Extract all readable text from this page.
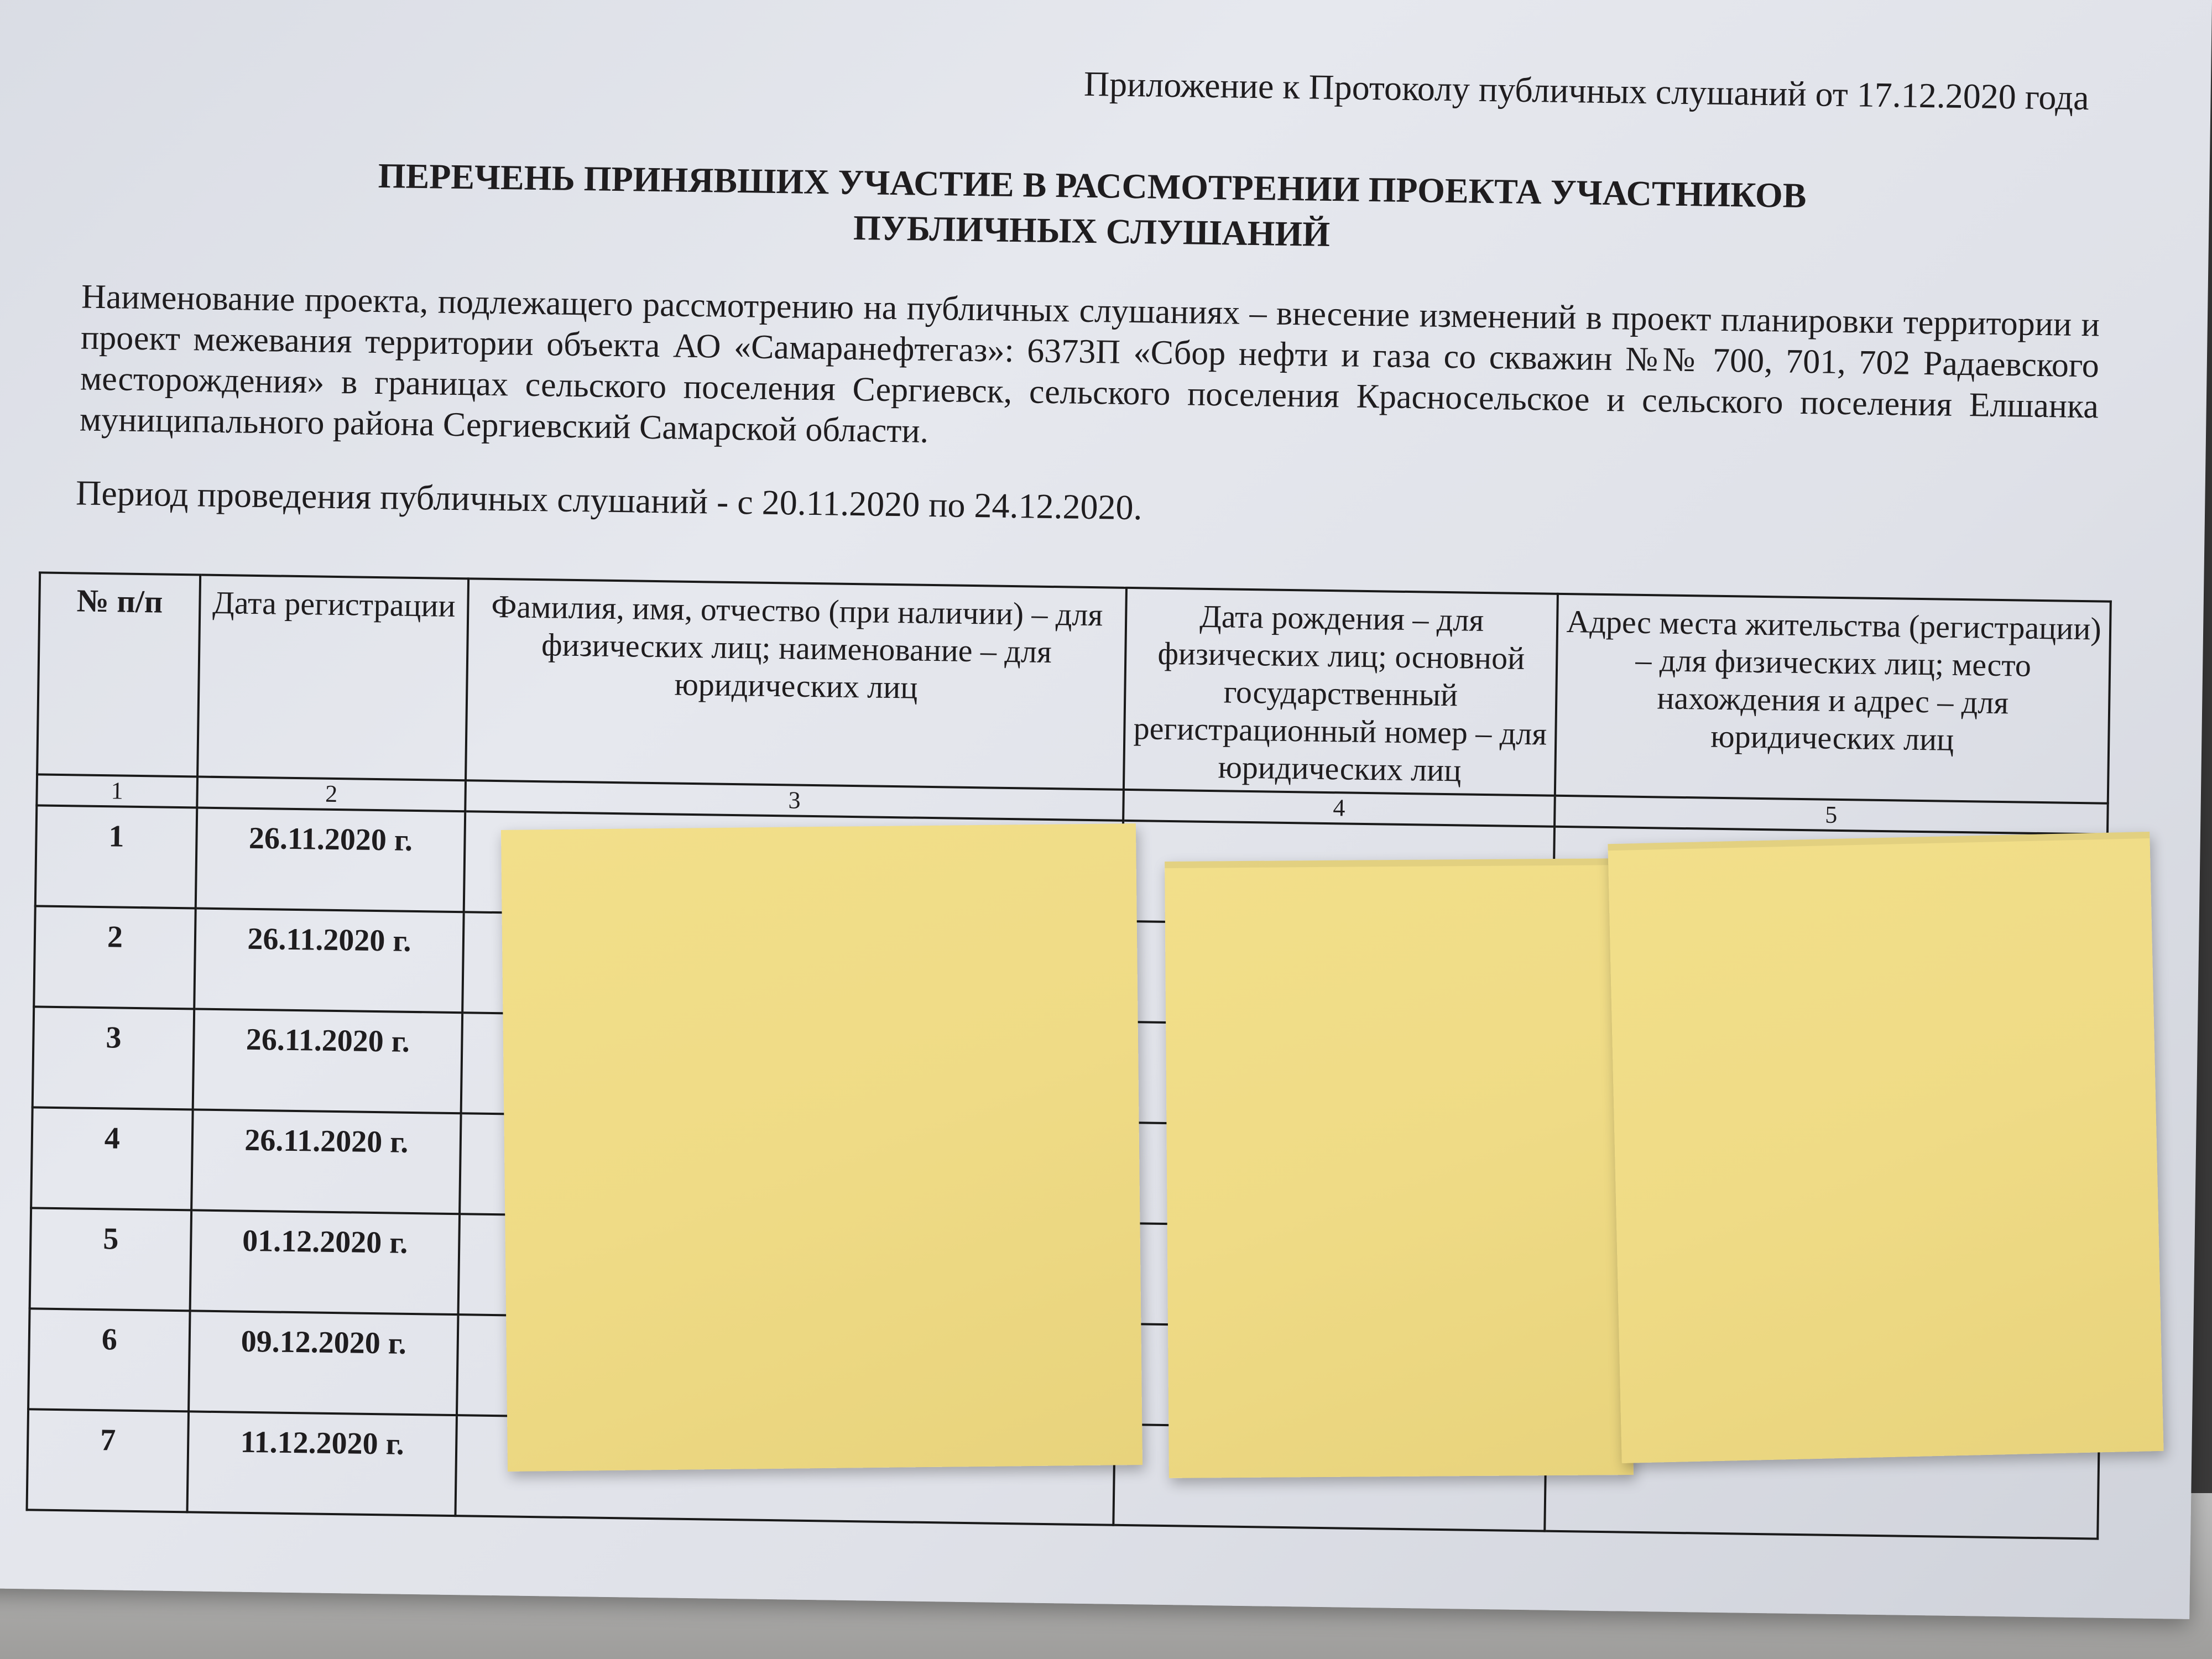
Приложение к Протоколу публичных слушаний от 17.12.2020 года
ПЕРЕЧЕНЬ ПРИНЯВШИХ УЧАСТИЕ В РАССМОТРЕНИИ ПРОЕКТА УЧАСТНИКОВ
ПУБЛИЧНЫХ СЛУШАНИЙ
Наименование проекта, подлежащего рассмотрению на публичных слушаниях – внесение изменений в проект планировки территории и проект межевания территории объекта АО «Самаранефтегаз»: 6373П «Сбор нефти и газа со скважин №№ 700, 701, 702 Радаевского месторождения» в границах сельского поселения Сергиевск, сельского поселения Красносельское и сельского поселения Елшанка муниципального района Сергиевский Самарской области.
Период проведения публичных слушаний - с 20.11.2020 по 24.12.2020.
№ п/п	Дата регистрации	Фамилия, имя, отчество (при наличии) – для физических лиц; наименование – для юридических лиц	Дата рождения – для физических лиц; основной государственный регистрационный номер – для юридических лиц	Адрес места жительства (регистрации) – для физических лиц; место нахождения и адрес – для юридических лиц
1	2	3	4	5
1	26.11.2020 г.			
2	26.11.2020 г.			
3	26.11.2020 г.			
4	26.11.2020 г.			
5	01.12.2020 г.			
6	09.12.2020 г.			
7	11.12.2020 г.			
